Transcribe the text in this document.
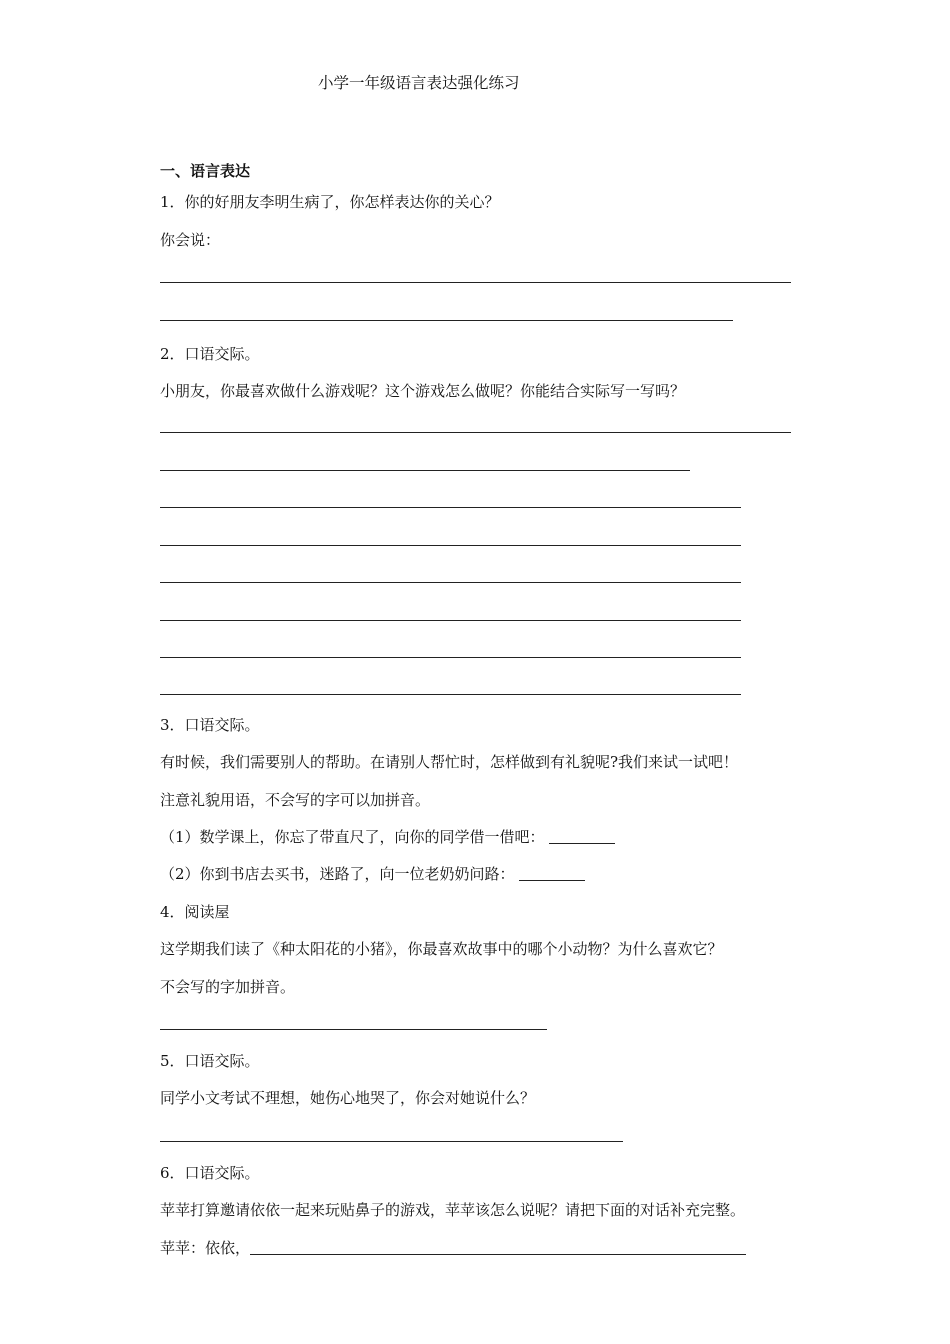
小学一年级语言表达强化练习
一、语言表达
1．你的好朋友李明生病了，你怎样表达你的关心？
你会说：
2．口语交际。
小朋友，你最喜欢做什么游戏呢？这个游戏怎么做呢？你能结合实际写一写吗？
3．口语交际。
有时候，我们需要别人的帮助。在请别人帮忙时，怎样做到有礼貌呢?我们来试一试吧！
注意礼貌用语，不会写的字可以加拼音。
（1）数学课上，你忘了带直尺了，向你的同学借一借吧：
（2）你到书店去买书，迷路了，向一位老奶奶问路：
4．阅读屋
这学期我们读了《种太阳花的小猪》，你最喜欢故事中的哪个小动物？为什么喜欢它？
不会写的字加拼音。
5．口语交际。
同学小文考试不理想，她伤心地哭了，你会对她说什么？
6．口语交际。
苹苹打算邀请依依一起来玩贴鼻子的游戏，苹苹该怎么说呢？请把下面的对话补充完整。
苹苹：依依，
